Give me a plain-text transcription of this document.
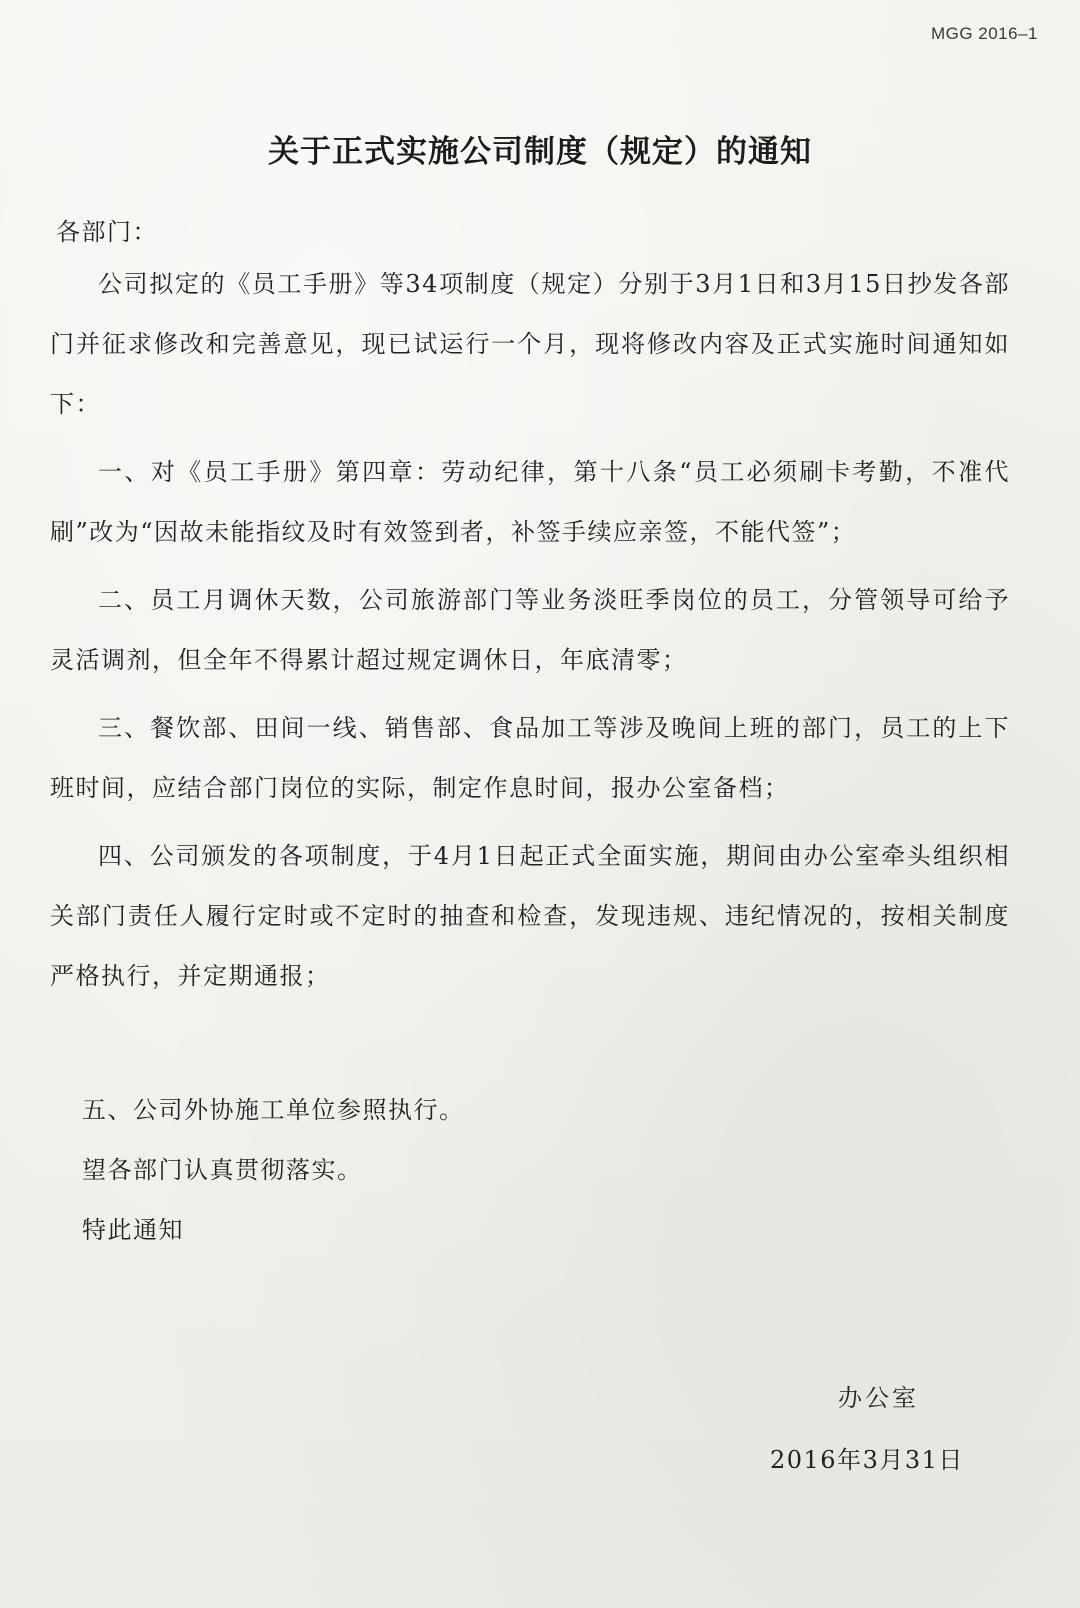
MGG 2016–1
关于正式实施公司制度（规定）的通知
各部门：

公司拟定的《员工手册》等34项制度（规定）分别于3月1日和3月15日抄发各部门并征求修改和完善意见，现已试运行一个月，现将修改内容及正式实施时间通知如下：

一、对《员工手册》第四章：劳动纪律，第十八条“员工必须刷卡考勤，不准代刷”改为“因故未能指纹及时有效签到者，补签手续应亲签，不能代签”；

二、员工月调休天数，公司旅游部门等业务淡旺季岗位的员工，分管领导可给予灵活调剂，但全年不得累计超过规定调休日，年底清零；

三、餐饮部、田间一线、销售部、食品加工等涉及晚间上班的部门，员工的上下班时间，应结合部门岗位的实际，制定作息时间，报办公室备档；

四、公司颁发的各项制度，于4月1日起正式全面实施，期间由办公室牵头组织相关部门责任人履行定时或不定时的抽查和检查，发现违规、违纪情况的，按相关制度严格执行，并定期通报；

五、公司外协施工单位参照执行。
望各部门认真贯彻落实。
特此通知
办公室
2016年3月31日
